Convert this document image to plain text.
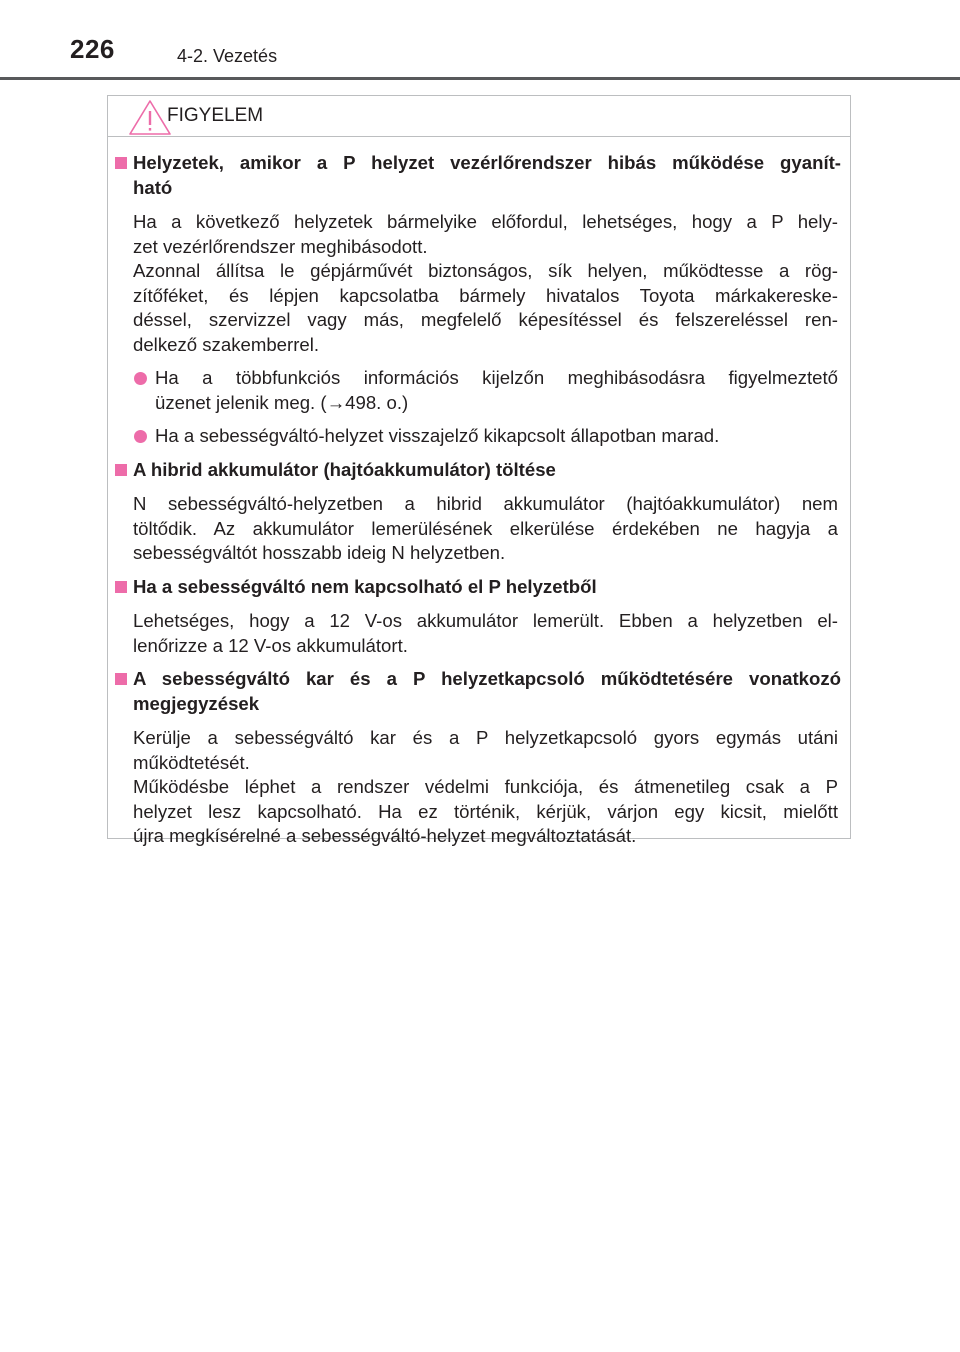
226	4-2. Vezetés
FIGYELEM
Helyzetek, amikor a P helyzet vezérlőrendszer hibás működése gyanít-
ható
Ha a következő helyzetek bármelyike előfordul, lehetséges, hogy a P hely-
zet vezérlőrendszer meghibásodott.
Azonnal állítsa le gépjárművét biztonságos, sík helyen, működtesse a rög-
zítőféket, és lépjen kapcsolatba bármely hivatalos Toyota márkakereske-
déssel, szervizzel vagy más, megfelelő képesítéssel és felszereléssel ren-
delkező szakemberrel.
Ha a többfunkciós információs kijelzőn meghibásodásra figyelmeztető
üzenet jelenik meg. (→498. o.)
Ha a sebességváltó-helyzet visszajelző kikapcsolt állapotban marad.
A hibrid akkumulátor (hajtóakkumulátor) töltése
N sebességváltó-helyzetben a hibrid akkumulátor (hajtóakkumulátor) nem
töltődik. Az akkumulátor lemerülésének elkerülése érdekében ne hagyja a
sebességváltót hosszabb ideig N helyzetben.
Ha a sebességváltó nem kapcsolható el P helyzetből
Lehetséges, hogy a 12 V-os akkumulátor lemerült. Ebben a helyzetben el-
lenőrizze a 12 V-os akkumulátort.
A sebességváltó kar és a P helyzetkapcsoló működtetésére vonatkozó
megjegyzések
Kerülje a sebességváltó kar és a P helyzetkapcsoló gyors egymás utáni
működtetését.
Működésbe léphet a rendszer védelmi funkciója, és átmenetileg csak a P
helyzet lesz kapcsolható. Ha ez történik, kérjük, várjon egy kicsit, mielőtt
újra megkísérelné a sebességváltó-helyzet megváltoztatását.
